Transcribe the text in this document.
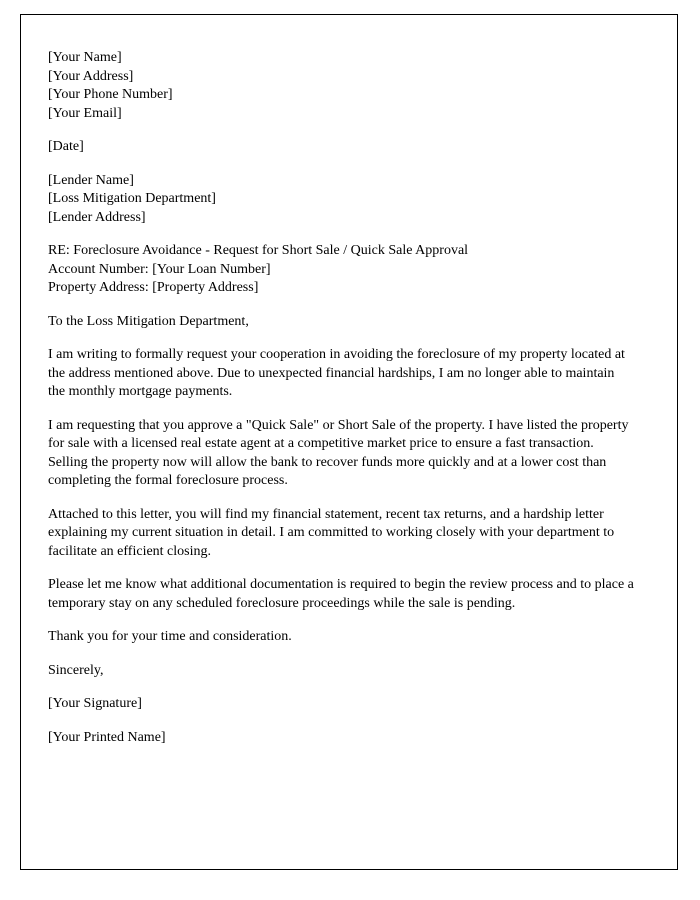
[Your Name]
[Your Address]
[Your Phone Number]
[Your Email]
[Date]
[Lender Name]
[Loss Mitigation Department]
[Lender Address]
RE: Foreclosure Avoidance - Request for Short Sale / Quick Sale Approval
Account Number: [Your Loan Number]
Property Address: [Property Address]

To the Loss Mitigation Department,

I am writing to formally request your cooperation in avoiding the foreclosure of my property located at the address mentioned above. Due to unexpected financial hardships, I am no longer able to maintain the monthly mortgage payments.

I am requesting that you approve a "Quick Sale" or Short Sale of the property. I have listed the property for sale with a licensed real estate agent at a competitive market price to ensure a fast transaction. Selling the property now will allow the bank to recover funds more quickly and at a lower cost than completing the formal foreclosure process.

Attached to this letter, you will find my financial statement, recent tax returns, and a hardship letter explaining my current situation in detail. I am committed to working closely with your department to facilitate an efficient closing.

Please let me know what additional documentation is required to begin the review process and to place a temporary stay on any scheduled foreclosure proceedings while the sale is pending.

Thank you for your time and consideration.

Sincerely,

[Your Signature]

[Your Printed Name]
